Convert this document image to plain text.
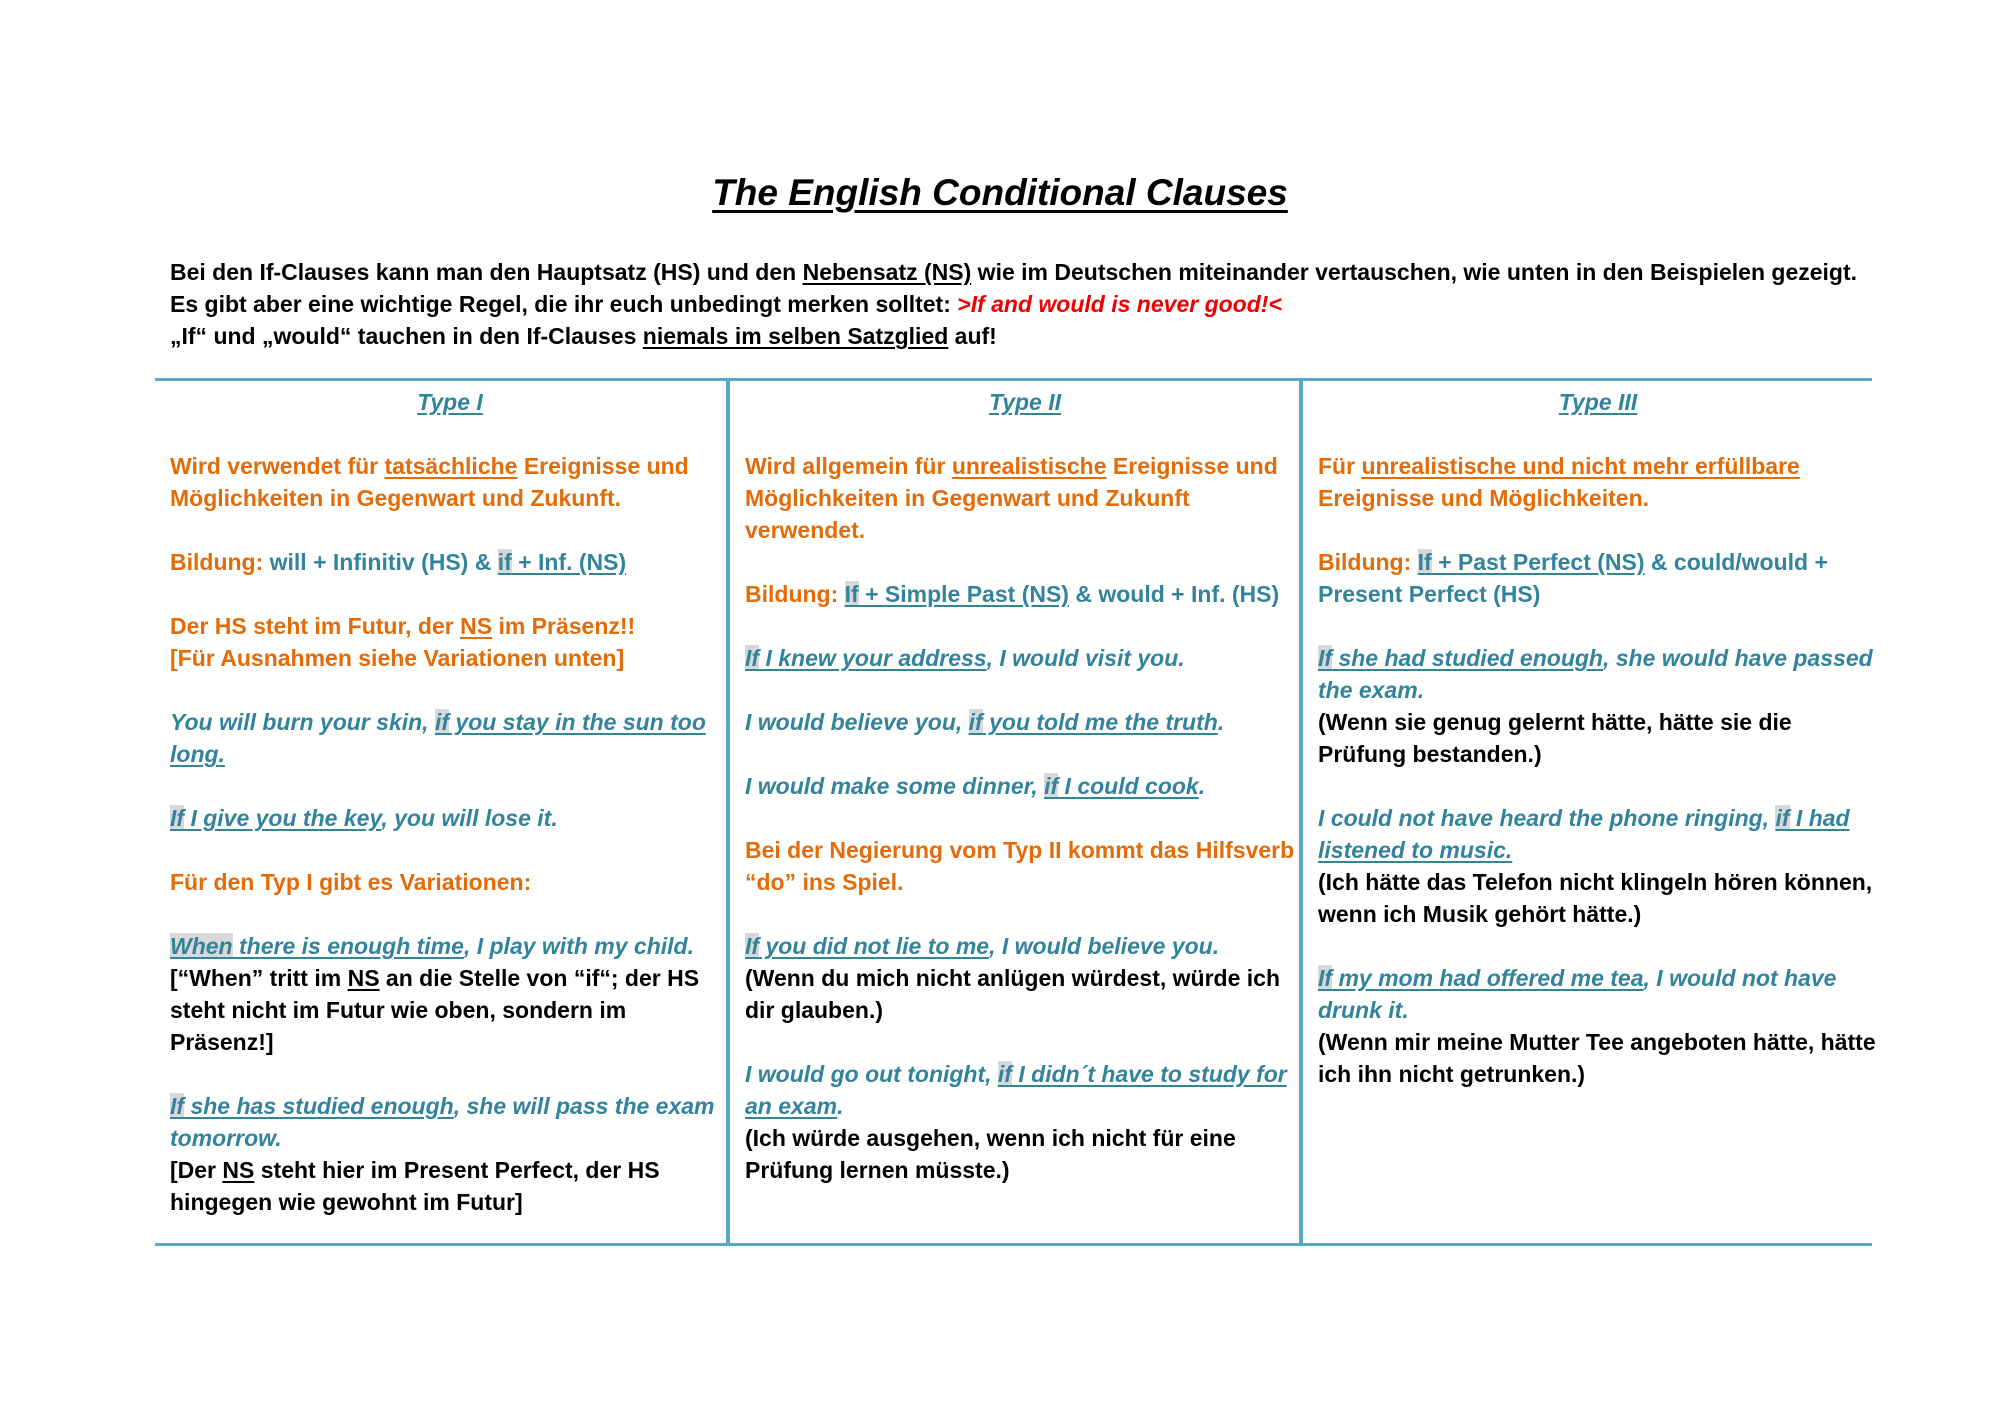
The English Conditional Clauses
Bei den If-Clauses kann man den Hauptsatz (HS) und den Nebensatz (NS) wie im Deutschen miteinander vertauschen, wie unten in den Beispielen gezeigt.
Es gibt aber eine wichtige Regel, die ihr euch unbedingt merken solltet: >If and would is never good!<
„If“ und „would“ tauchen in den If-Clauses niemals im selben Satzglied auf!

Type I

Wird verwendet für tatsächliche Ereignisse und Möglichkeiten in Gegenwart und Zukunft.

Bildung: will + Infinitiv (HS) & if + Inf. (NS)

Der HS steht im Futur, der NS im Präsenz!!
[Für Ausnahmen siehe Variationen unten]

You will burn your skin, if you stay in the sun too long.

If I give you the key, you will lose it.

Für den Typ I gibt es Variationen:

When there is enough time, I play with my child.
[“When” tritt im NS an die Stelle von “if“; der HS steht nicht im Futur wie oben, sondern im Präsenz!]

If she has studied enough, she will pass the exam tomorrow.
[Der NS steht hier im Present Perfect, der HS hingegen wie gewohnt im Futur]

Type II

Wird allgemein für unrealistische Ereignisse und Möglichkeiten in Gegenwart und Zukunft verwendet.

Bildung: If + Simple Past (NS) & would + Inf. (HS)

If I knew your address, I would visit you.

I would believe you, if you told me the truth.

I would make some dinner, if I could cook.

Bei der Negierung vom Typ II kommt das Hilfsverb “do” ins Spiel.

If you did not lie to me, I would believe you.
(Wenn du mich nicht anlügen würdest, würde ich dir glauben.)

I would go out tonight, if I didn´t have to study for an exam.
(Ich würde ausgehen, wenn ich nicht für eine Prüfung lernen müsste.)

Type III

Für unrealistische und nicht mehr erfüllbare Ereignisse und Möglichkeiten.

Bildung: If + Past Perfect (NS) & could/would + Present Perfect (HS)

If she had studied enough, she would have passed the exam.
(Wenn sie genug gelernt hätte, hätte sie die Prüfung bestanden.)

I could not have heard the phone ringing, if I had listened to music.
(Ich hätte das Telefon nicht klingeln hören können, wenn ich Musik gehört hätte.)

If my mom had offered me tea, I would not have drunk it.
(Wenn mir meine Mutter Tee angeboten hätte, hätte ich ihn nicht getrunken.)
